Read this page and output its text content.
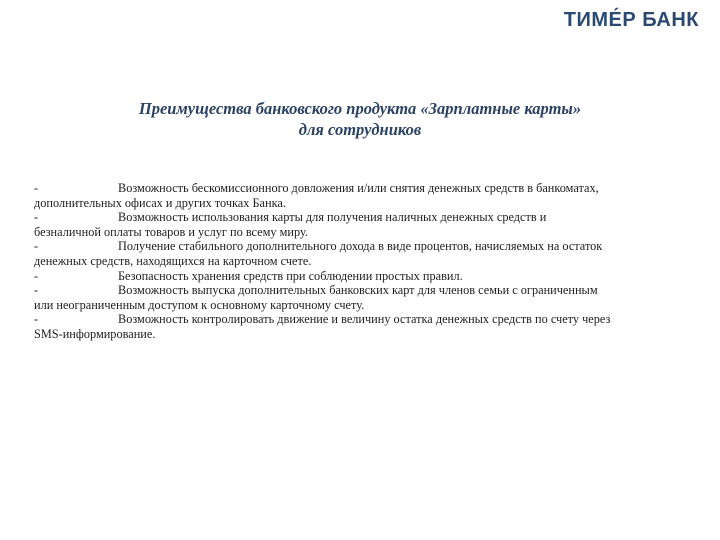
ТИМЕ́Р БАНК
Преимущества банковского продукта «Зарплатные карты»
для сотрудников
-	Возможность бескомиссионного довложения и/или снятия денежных средств в банкоматах,
дополнительных офисах и других точках Банка.
-	Возможность использования карты для получения наличных денежных средств и
безналичной оплаты товаров и услуг по всему миру.
-	Получение стабильного дополнительного дохода в виде процентов, начисляемых на остаток
денежных средств, находящихся на карточном счете.
-	Безопасность хранения средств при соблюдении простых правил.
-	Возможность выпуска дополнительных банковских карт для членов семьи с ограниченным
или неограниченным доступом к основному карточному счету.
-	Возможность контролировать движение и величину остатка денежных средств по счету через
SMS-информирование.
